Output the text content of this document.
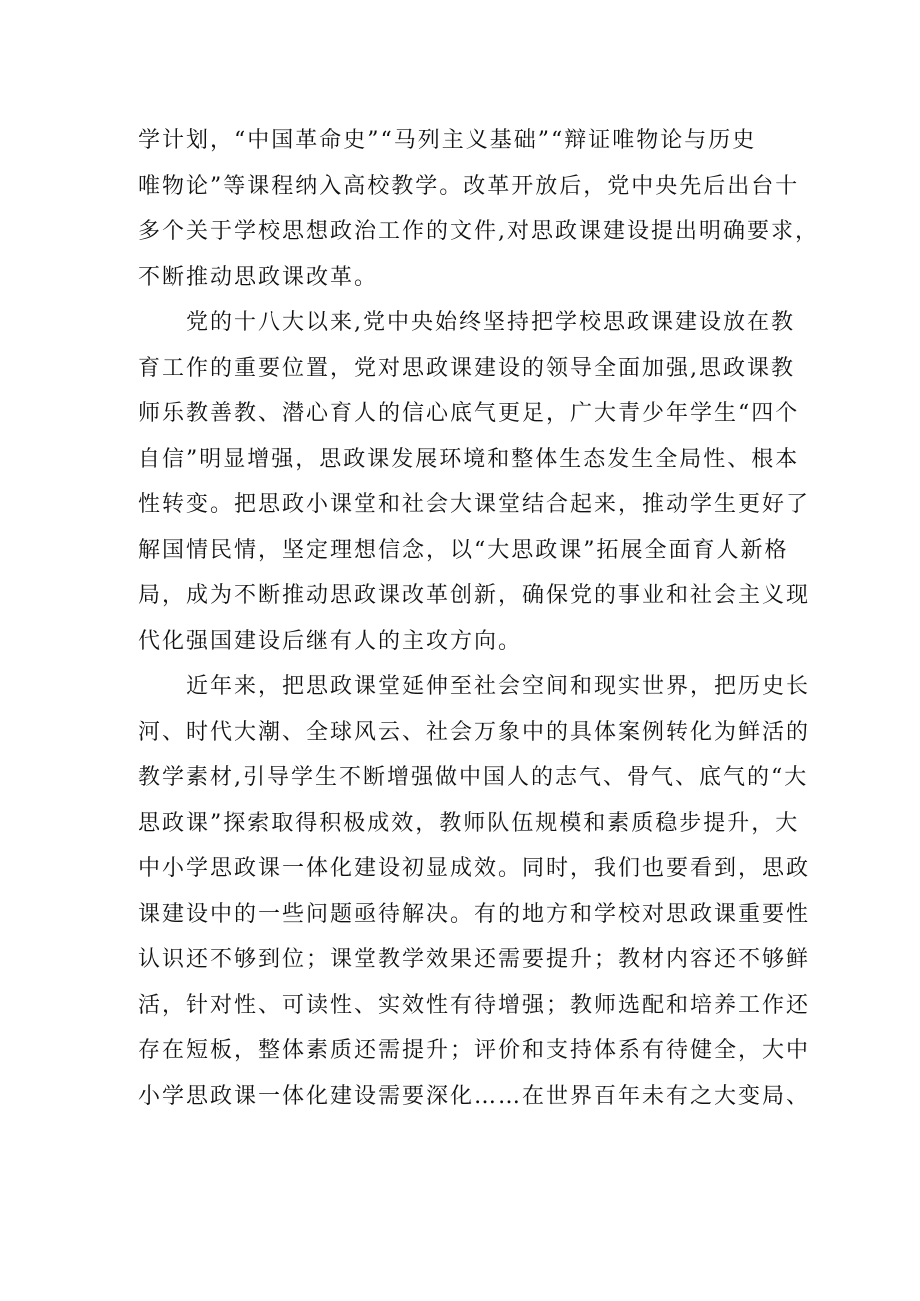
学计划，“中国革命史”“马列主义基础”“辩证唯物论与历史
唯物论”等课程纳入高校教学。改革开放后，党中央先后出台十
多个关于学校思想政治工作的文件,对思政课建设提出明确要求，
不断推动思政课改革。
　　党的十八大以来,党中央始终坚持把学校思政课建设放在教
育工作的重要位置，党对思政课建设的领导全面加强,思政课教
师乐教善教、潜心育人的信心底气更足，广大青少年学生“四个
自信”明显增强，思政课发展环境和整体生态发生全局性、根本
性转变。把思政小课堂和社会大课堂结合起来，推动学生更好了
解国情民情，坚定理想信念，以“大思政课”拓展全面育人新格
局，成为不断推动思政课改革创新，确保党的事业和社会主义现
代化强国建设后继有人的主攻方向。
　　近年来，把思政课堂延伸至社会空间和现实世界，把历史长
河、时代大潮、全球风云、社会万象中的具体案例转化为鲜活的
教学素材,引导学生不断增强做中国人的志气、骨气、底气的“大
思政课”探索取得积极成效，教师队伍规模和素质稳步提升，大
中小学思政课一体化建设初显成效。同时，我们也要看到，思政
课建设中的一些问题亟待解决。有的地方和学校对思政课重要性
认识还不够到位；课堂教学效果还需要提升；教材内容还不够鲜
活，针对性、可读性、实效性有待增强；教师选配和培养工作还
存在短板，整体素质还需提升；评价和支持体系有待健全，大中
小学思政课一体化建设需要深化……在世界百年未有之大变局、
